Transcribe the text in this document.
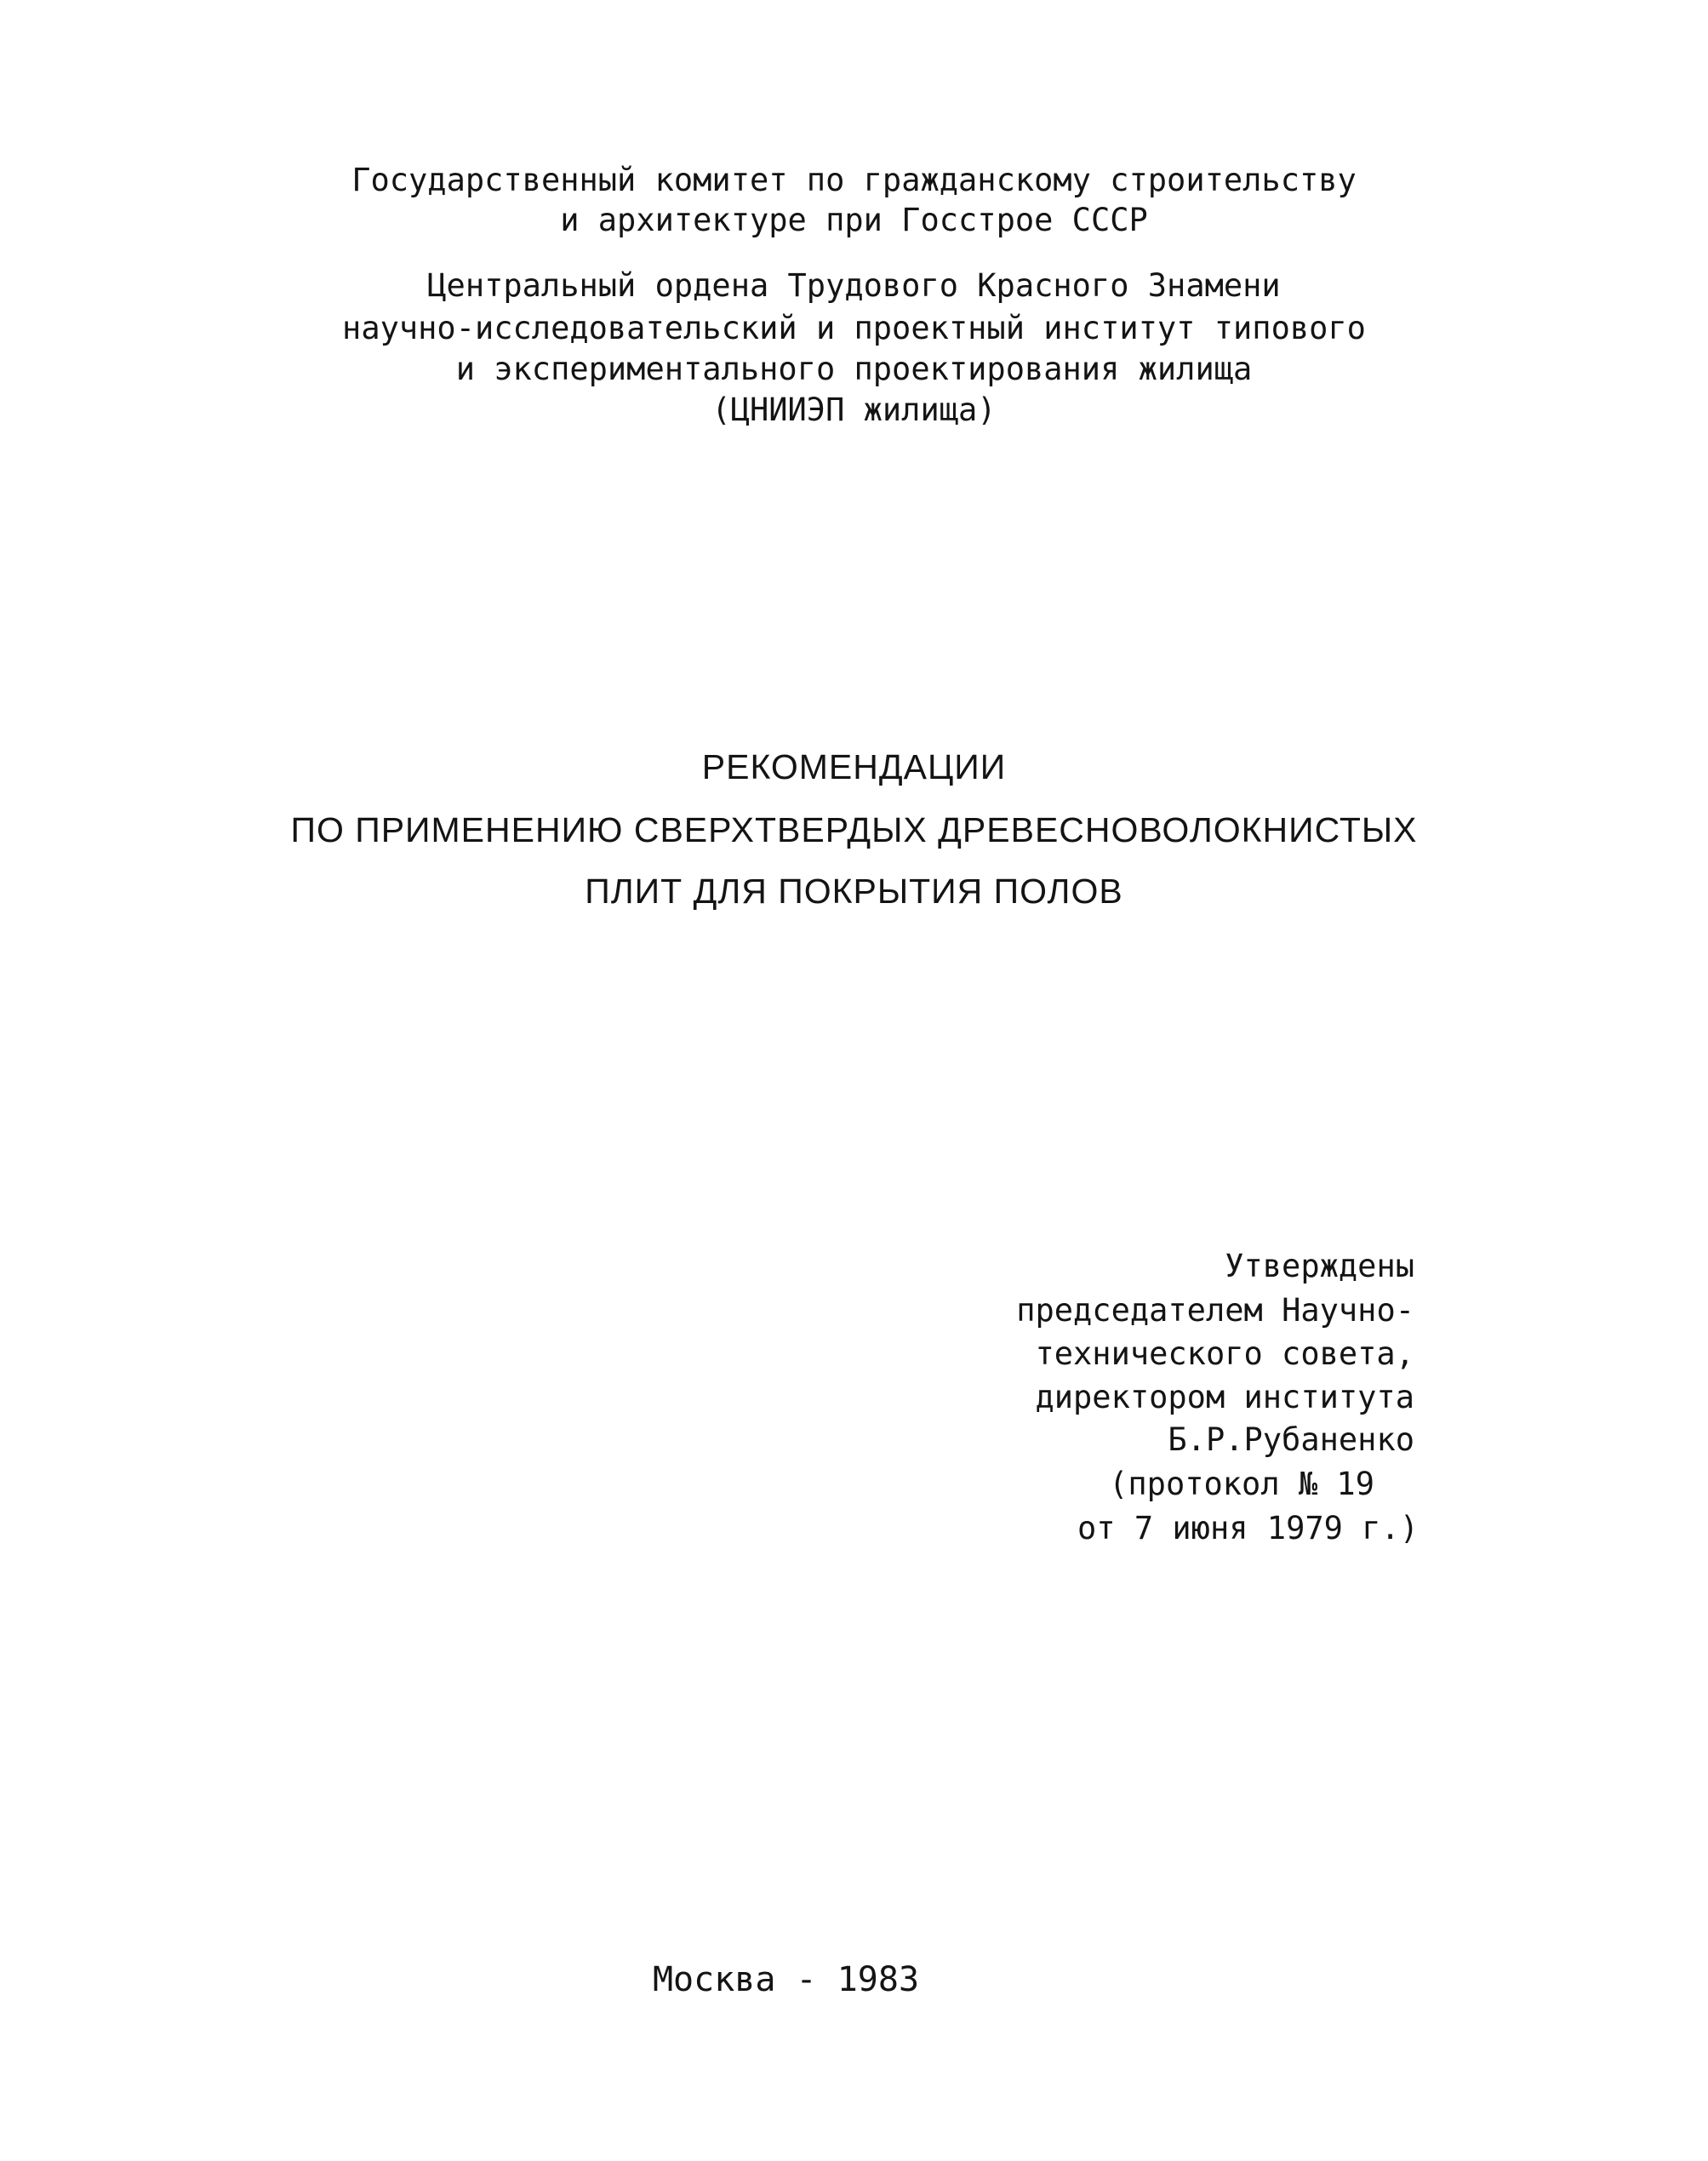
Государственный комитет по гражданскому строительству
и архитектуре при Госстрое СССР
Центральный ордена Трудового Красного Знамени
научно-исследовательский и проектный институт типового
и экспериментального проектирования жилища
(ЦНИИЭП жилища)
РЕКОМЕНДАЦИИ
ПО ПРИМЕНЕНИЮ СВЕРХТВЕРДЫХ ДРЕВЕСНОВОЛОКНИСТЫХ
ПЛИТ ДЛЯ ПОКРЫТИЯ ПОЛОВ
Утверждены
председателем Научно-
технического совета,
директором института
Б.Р.Рубаненко
(протокол № 19
от 7 июня 1979 г.)
Москва - 1983
